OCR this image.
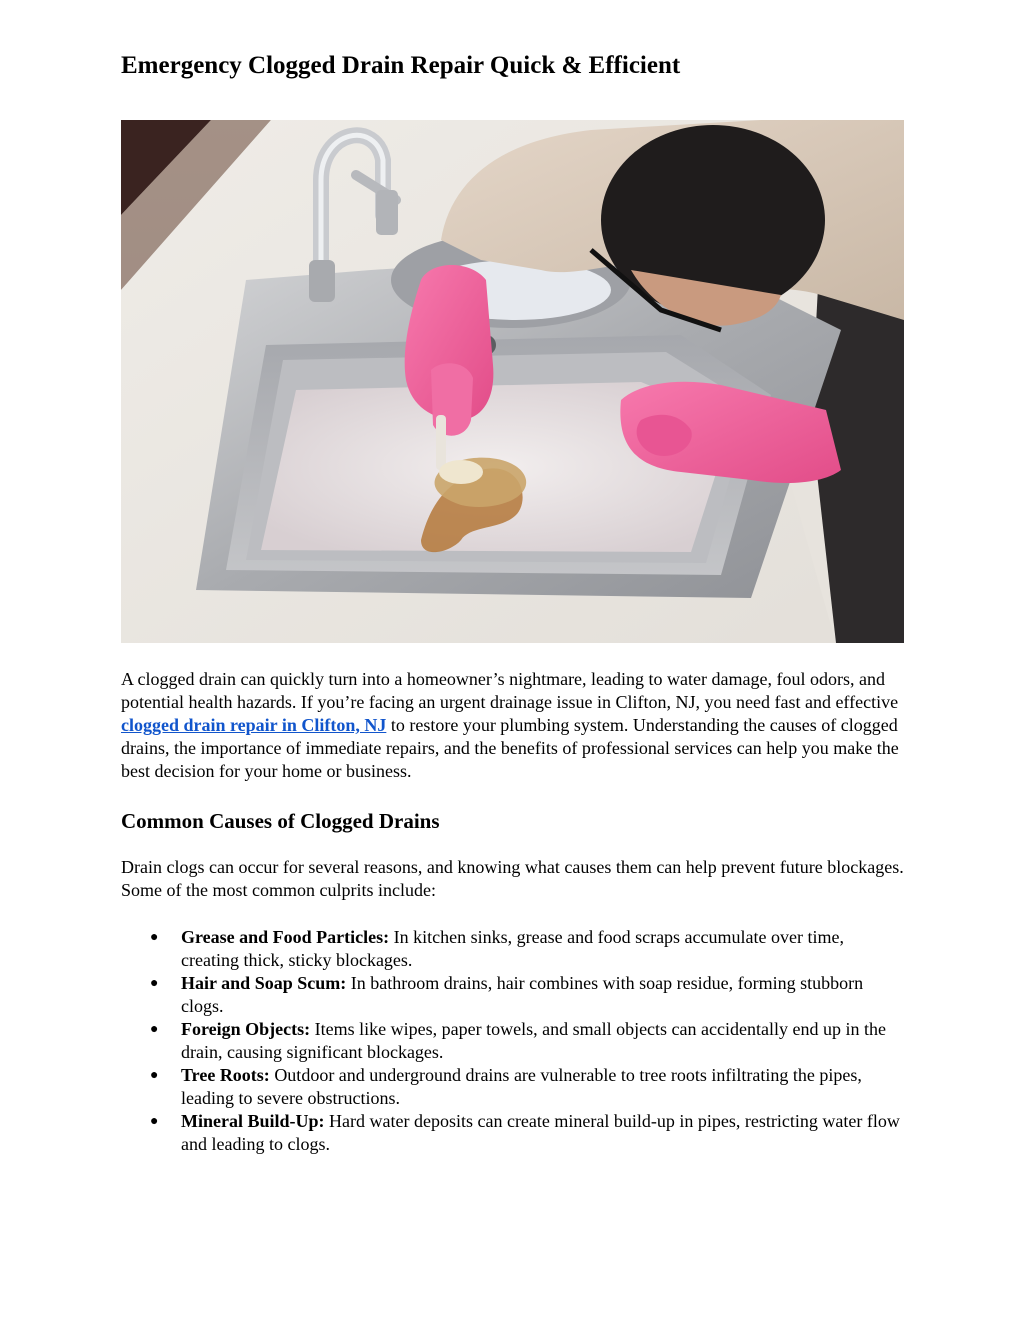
Emergency Clogged Drain Repair Quick & Efficient

A clogged drain can quickly turn into a homeowner’s nightmare, leading to water damage, foul odors, and potential health hazards. If you’re facing an urgent drainage issue in Clifton, NJ, you need fast and effective clogged drain repair in Clifton, NJ to restore your plumbing system. Understanding the causes of clogged drains, the importance of immediate repairs, and the benefits of professional services can help you make the best decision for your home or business.

Common Causes of Clogged Drains

Drain clogs can occur for several reasons, and knowing what causes them can help prevent future blockages. Some of the most common culprits include:

● Grease and Food Particles: In kitchen sinks, grease and food scraps accumulate over time, creating thick, sticky blockages.
● Hair and Soap Scum: In bathroom drains, hair combines with soap residue, forming stubborn clogs.
● Foreign Objects: Items like wipes, paper towels, and small objects can accidentally end up in the drain, causing significant blockages.
● Tree Roots: Outdoor and underground drains are vulnerable to tree roots infiltrating the pipes, leading to severe obstructions.
● Mineral Build-Up: Hard water deposits can create mineral build-up in pipes, restricting water flow and leading to clogs.
